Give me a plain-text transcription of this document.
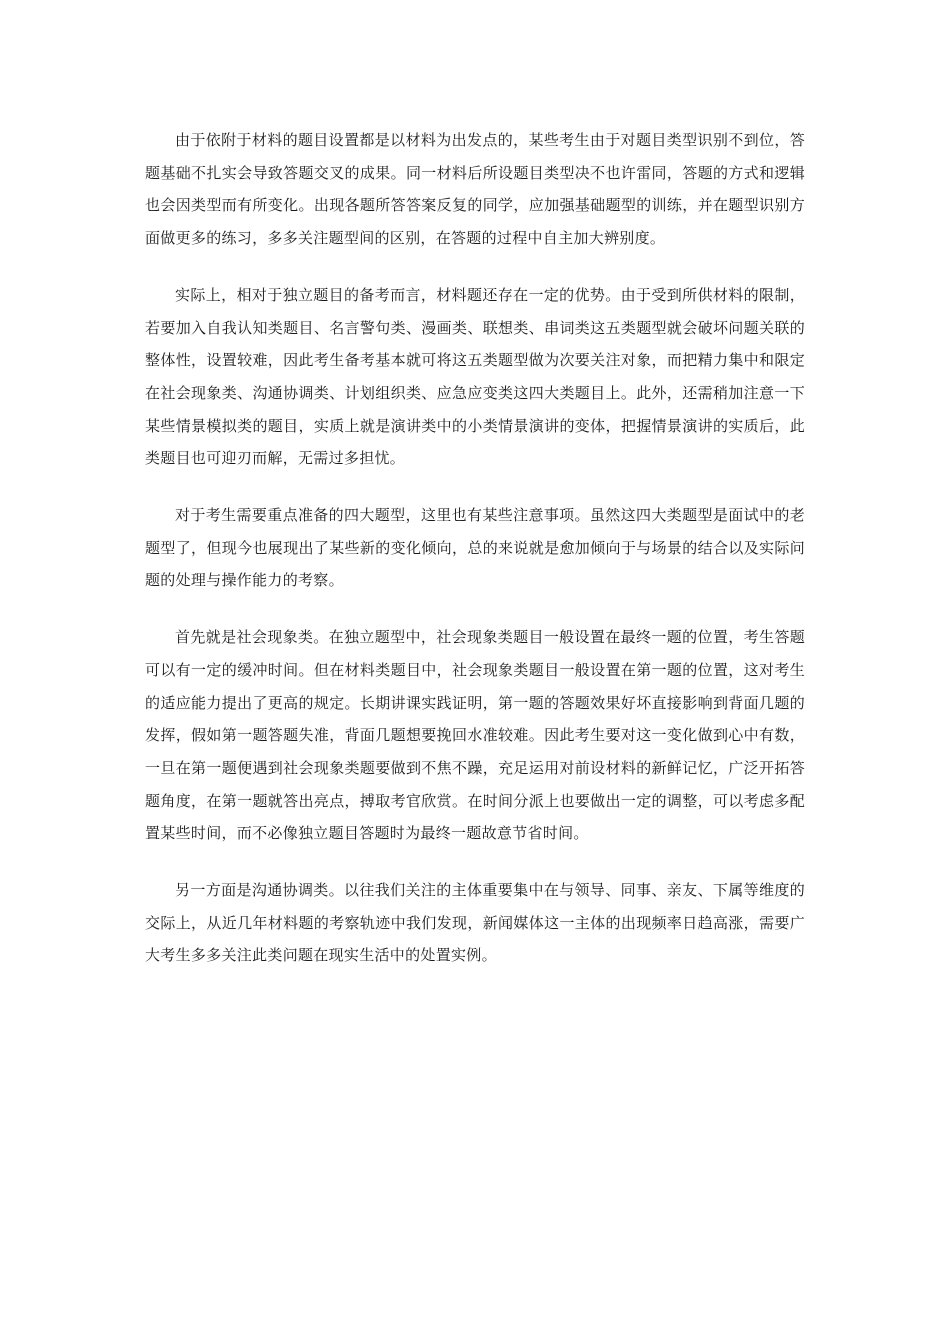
由于依附于材料的题目设置都是以材料为出发点的，某些考生由于对题目类型识别不到位，答题基础不扎实会导致答题交叉的成果。同一材料后所设题目类型决不也许雷同，答题的方式和逻辑也会因类型而有所变化。出现各题所答答案反复的同学，应加强基础题型的训练，并在题型识别方面做更多的练习，多多关注题型间的区别，在答题的过程中自主加大辨别度。

实际上，相对于独立题目的备考而言，材料题还存在一定的优势。由于受到所供材料的限制，若要加入自我认知类题目、名言警句类、漫画类、联想类、串词类这五类题型就会破坏问题关联的整体性，设置较难，因此考生备考基本就可将这五类题型做为次要关注对象，而把精力集中和限定在社会现象类、沟通协调类、计划组织类、应急应变类这四大类题目上。此外，还需稍加注意一下某些情景模拟类的题目，实质上就是演讲类中的小类情景演讲的变体，把握情景演讲的实质后，此类题目也可迎刃而解，无需过多担忧。

对于考生需要重点准备的四大题型，这里也有某些注意事项。虽然这四大类题型是面试中的老题型了，但现今也展现出了某些新的变化倾向，总的来说就是愈加倾向于与场景的结合以及实际问题的处理与操作能力的考察。

首先就是社会现象类。在独立题型中，社会现象类题目一般设置在最终一题的位置，考生答题可以有一定的缓冲时间。但在材料类题目中，社会现象类题目一般设置在第一题的位置，这对考生的适应能力提出了更高的规定。长期讲课实践证明，第一题的答题效果好坏直接影响到背面几题的发挥，假如第一题答题失准，背面几题想要挽回水准较难。因此考生要对这一变化做到心中有数，一旦在第一题便遇到社会现象类题要做到不焦不躁，充足运用对前设材料的新鲜记忆，广泛开拓答题角度，在第一题就答出亮点，搏取考官欣赏。在时间分派上也要做出一定的调整，可以考虑多配置某些时间，而不必像独立题目答题时为最终一题故意节省时间。

另一方面是沟通协调类。以往我们关注的主体重要集中在与领导、同事、亲友、下属等维度的交际上，从近几年材料题的考察轨迹中我们发现，新闻媒体这一主体的出现频率日趋高涨，需要广大考生多多关注此类问题在现实生活中的处置实例。
